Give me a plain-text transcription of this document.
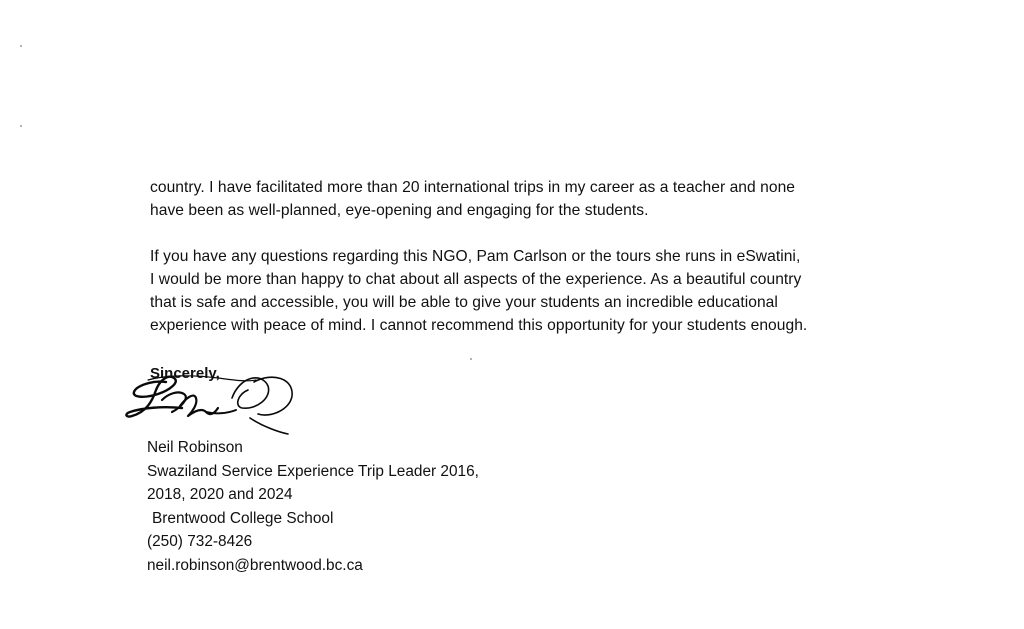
country. I have facilitated more than 20 international trips in my career as a teacher and none
have been as well-planned, eye-opening and engaging for the students.

If you have any questions regarding this NGO, Pam Carlson or the tours she runs in eSwatini,
I would be more than happy to chat about all aspects of the experience. As a beautiful country
that is safe and accessible, you will be able to give your students an incredible educational
experience with peace of mind. I cannot recommend this opportunity for your students enough.

Sincerely,
Neil Robinson
Swaziland Service Experience Trip Leader 2016,
2018, 2020 and 2024
Brentwood College School
(250) 732-8426
neil.robinson@brentwood.bc.ca
